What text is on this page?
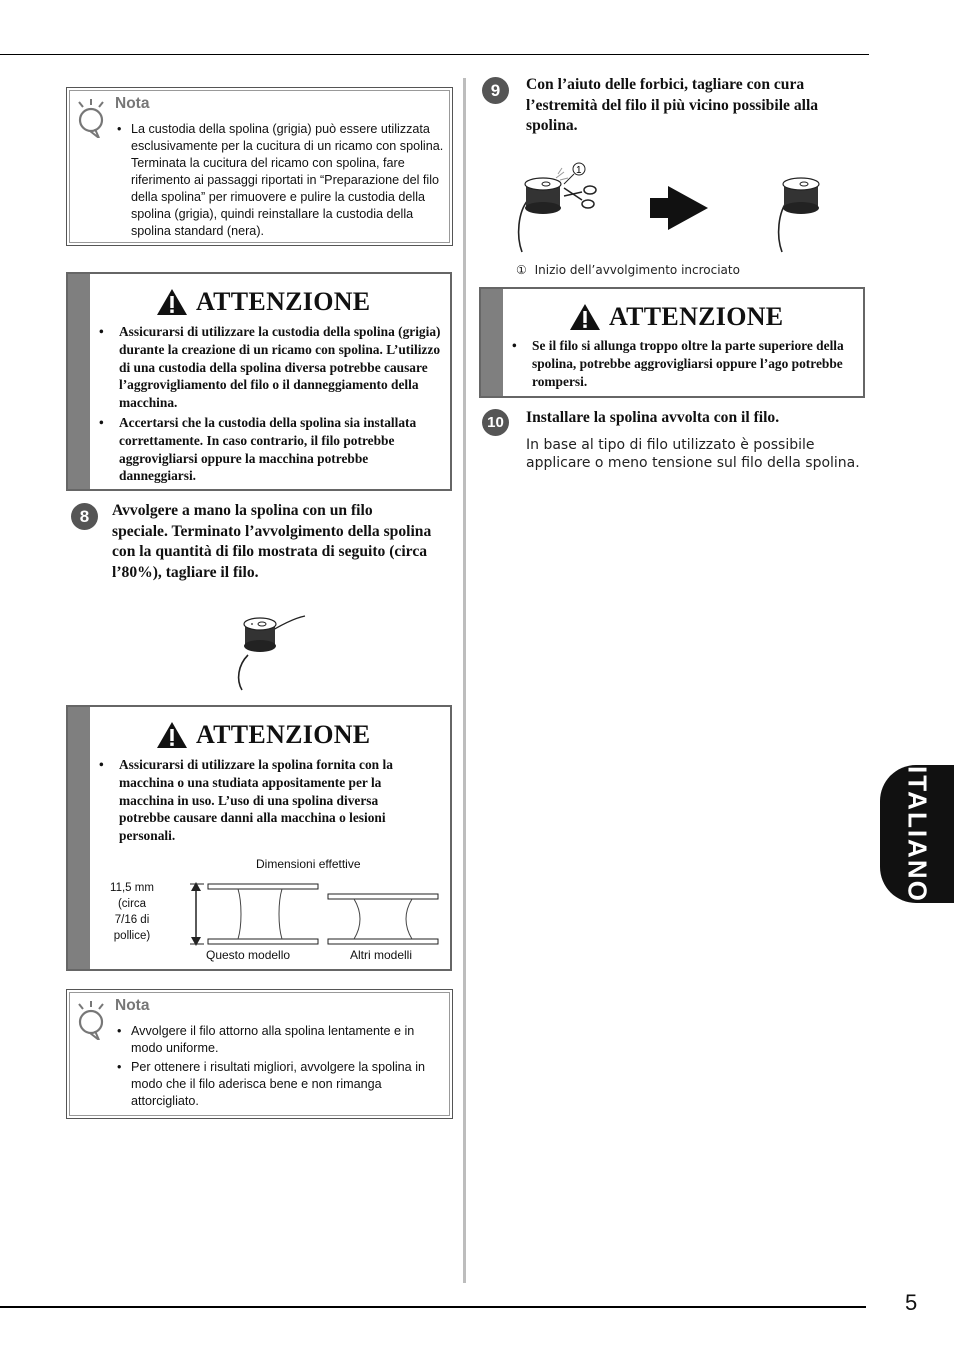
Nota
• La custodia della spolina (grigia) può essere utilizzata esclusivamente per la cucitura di un ricamo con spolina. Terminata la cucitura del ricamo con spolina, fare riferimento ai passaggi riportati in “Preparazione del filo della spolina” per rimuovere e pulire la custodia della spolina (grigia), quindi reinstallare la custodia della spolina standard (nera).
ATTENZIONE
• Assicurarsi di utilizzare la custodia della spolina (grigia) durante la creazione di un ricamo con spolina. L’utilizzo di una custodia della spolina diversa potrebbe causare l’aggrovigliamento del filo o il danneggiamento della macchina.
• Accertarsi che la custodia della spolina sia installata correttamente. In caso contrario, il filo potrebbe aggrovigliarsi oppure la macchina potrebbe danneggiarsi.
8	Avvolgere a mano la spolina con un filo speciale. Terminato l’avvolgimento della spolina con la quantità di filo mostrata di seguito (circa l’80%), tagliare il filo.
ATTENZIONE
• Assicurarsi di utilizzare la spolina fornita con la macchina o una studiata appositamente per la macchina in uso. L’uso di una spolina diversa potrebbe causare danni alla macchina o lesioni personali.
Dimensioni effettive
11,5 mm
(circa
7/16 di
pollice)
Questo modello	Altri modelli
Nota
• Avvolgere il filo attorno alla spolina lentamente e in modo uniforme.
• Per ottenere i risultati migliori, avvolgere la spolina in modo che il filo aderisca bene e non rimanga attorcigliato.
9	Con l’aiuto delle forbici, tagliare con cura l’estremità del filo il più vicino possibile alla spolina.
1
① Inizio dell’avvolgimento incrociato
ATTENZIONE
• Se il filo si allunga troppo oltre la parte superiore della spolina, potrebbe aggrovigliarsi oppure l’ago potrebbe rompersi.
10	Installare la spolina avvolta con il filo.
In base al tipo di filo utilizzato è possibile applicare o meno tensione sul filo della spolina.
ITALIANO
5
